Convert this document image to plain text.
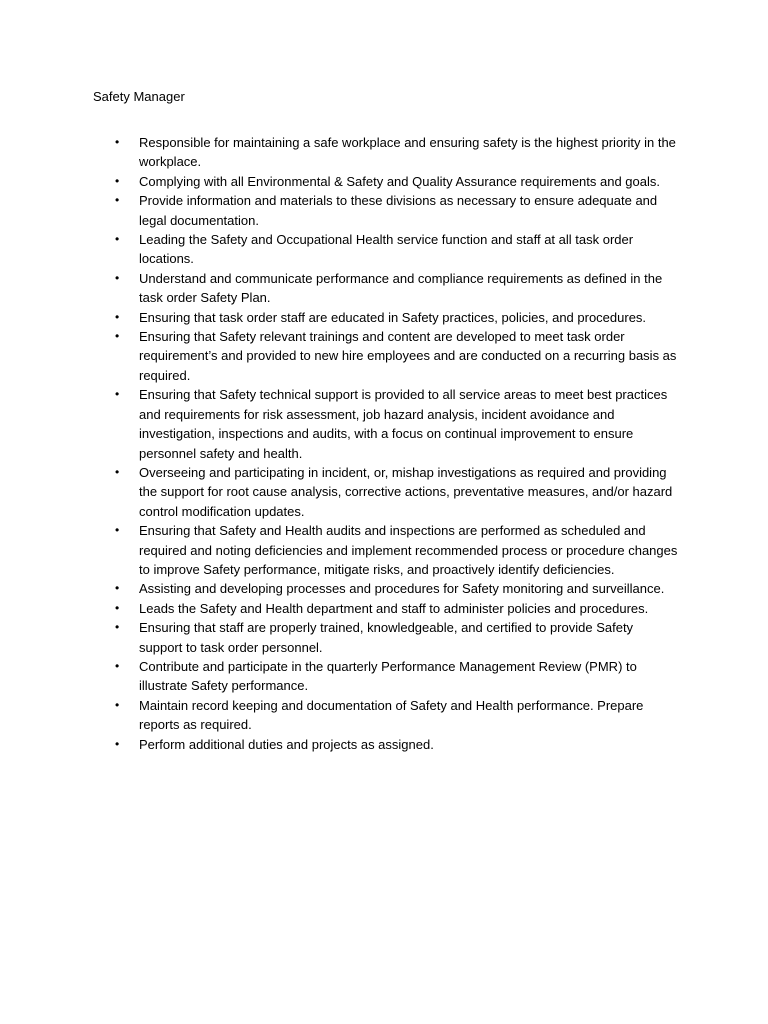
Safety Manager

• Responsible for maintaining a safe workplace and ensuring safety is the highest priority in the workplace.
• Complying with all Environmental & Safety and Quality Assurance requirements and goals.
• Provide information and materials to these divisions as necessary to ensure adequate and legal documentation.
• Leading the Safety and Occupational Health service function and staff at all task order locations.
• Understand and communicate performance and compliance requirements as defined in the task order Safety Plan.
• Ensuring that task order staff are educated in Safety practices, policies, and procedures.
• Ensuring that Safety relevant trainings and content are developed to meet task order requirement’s and provided to new hire employees and are conducted on a recurring basis as required.
• Ensuring that Safety technical support is provided to all service areas to meet best practices and requirements for risk assessment, job hazard analysis, incident avoidance and investigation, inspections and audits, with a focus on continual improvement to ensure personnel safety and health.
• Overseeing and participating in incident, or, mishap investigations as required and providing the support for root cause analysis, corrective actions, preventative measures, and/or hazard control modification updates.
• Ensuring that Safety and Health audits and inspections are performed as scheduled and required and noting deficiencies and implement recommended process or procedure changes to improve Safety performance, mitigate risks, and proactively identify deficiencies.
• Assisting and developing processes and procedures for Safety monitoring and surveillance.
• Leads the Safety and Health department and staff to administer policies and procedures.
• Ensuring that staff are properly trained, knowledgeable, and certified to provide Safety support to task order personnel.
• Contribute and participate in the quarterly Performance Management Review (PMR) to illustrate Safety performance.
• Maintain record keeping and documentation of Safety and Health performance. Prepare reports as required.
• Perform additional duties and projects as assigned.
